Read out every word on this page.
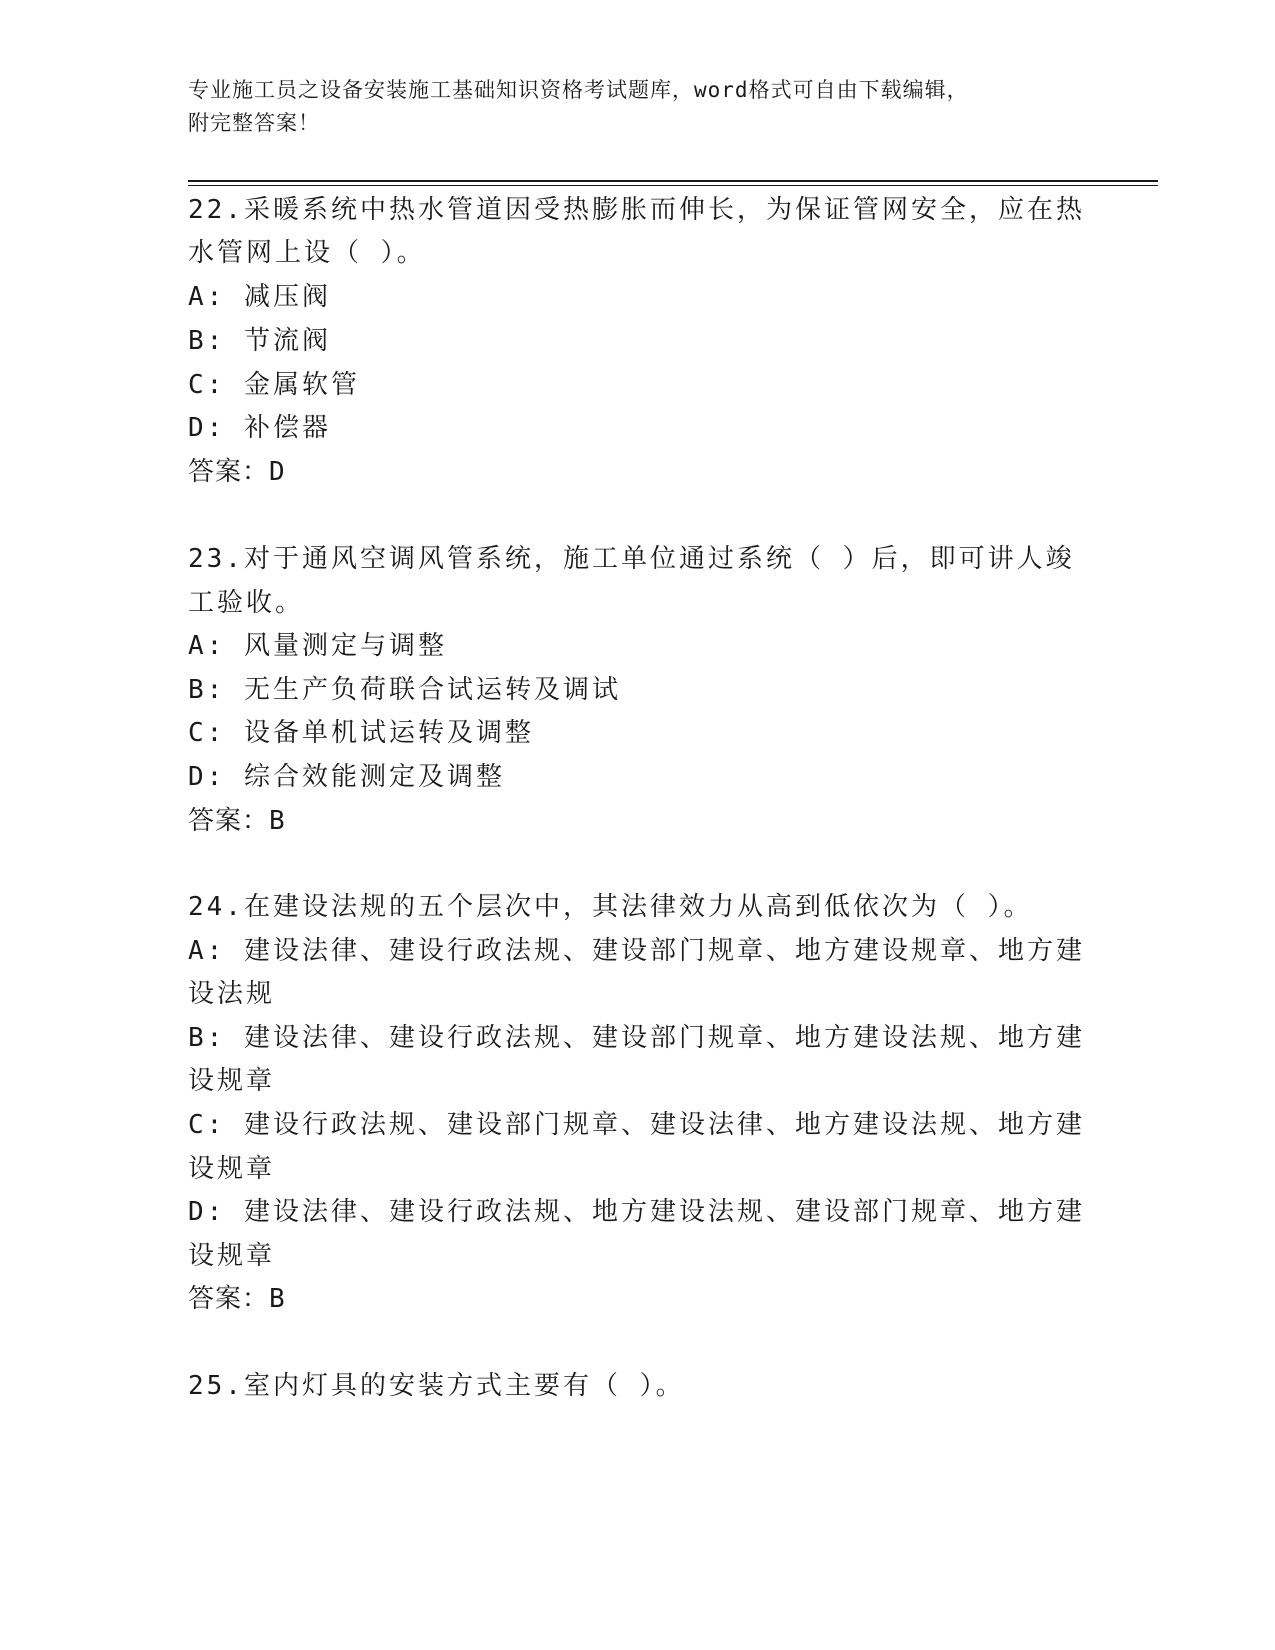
专业施工员之设备安装施工基础知识资格考试题库，word格式可自由下载编辑，
附完整答案！
22.采暖系统中热水管道因受热膨胀而伸长，为保证管网安全，应在热
水管网上设（ ）。
A: 减压阀
B: 节流阀
C: 金属软管
D: 补偿器
答案：D
23.对于通风空调风管系统，施工单位通过系统（ ）后，即可讲人竣
工验收。
A: 风量测定与调整
B: 无生产负荷联合试运转及调试
C: 设备单机试运转及调整
D: 综合效能测定及调整
答案：B
24.在建设法规的五个层次中，其法律效力从高到低依次为（ ）。
A: 建设法律、建设行政法规、建设部门规章、地方建设规章、地方建
设法规
B: 建设法律、建设行政法规、建设部门规章、地方建设法规、地方建
设规章
C: 建设行政法规、建设部门规章、建设法律、地方建设法规、地方建
设规章
D: 建设法律、建设行政法规、地方建设法规、建设部门规章、地方建
设规章
答案：B
25.室内灯具的安装方式主要有（ ）。
